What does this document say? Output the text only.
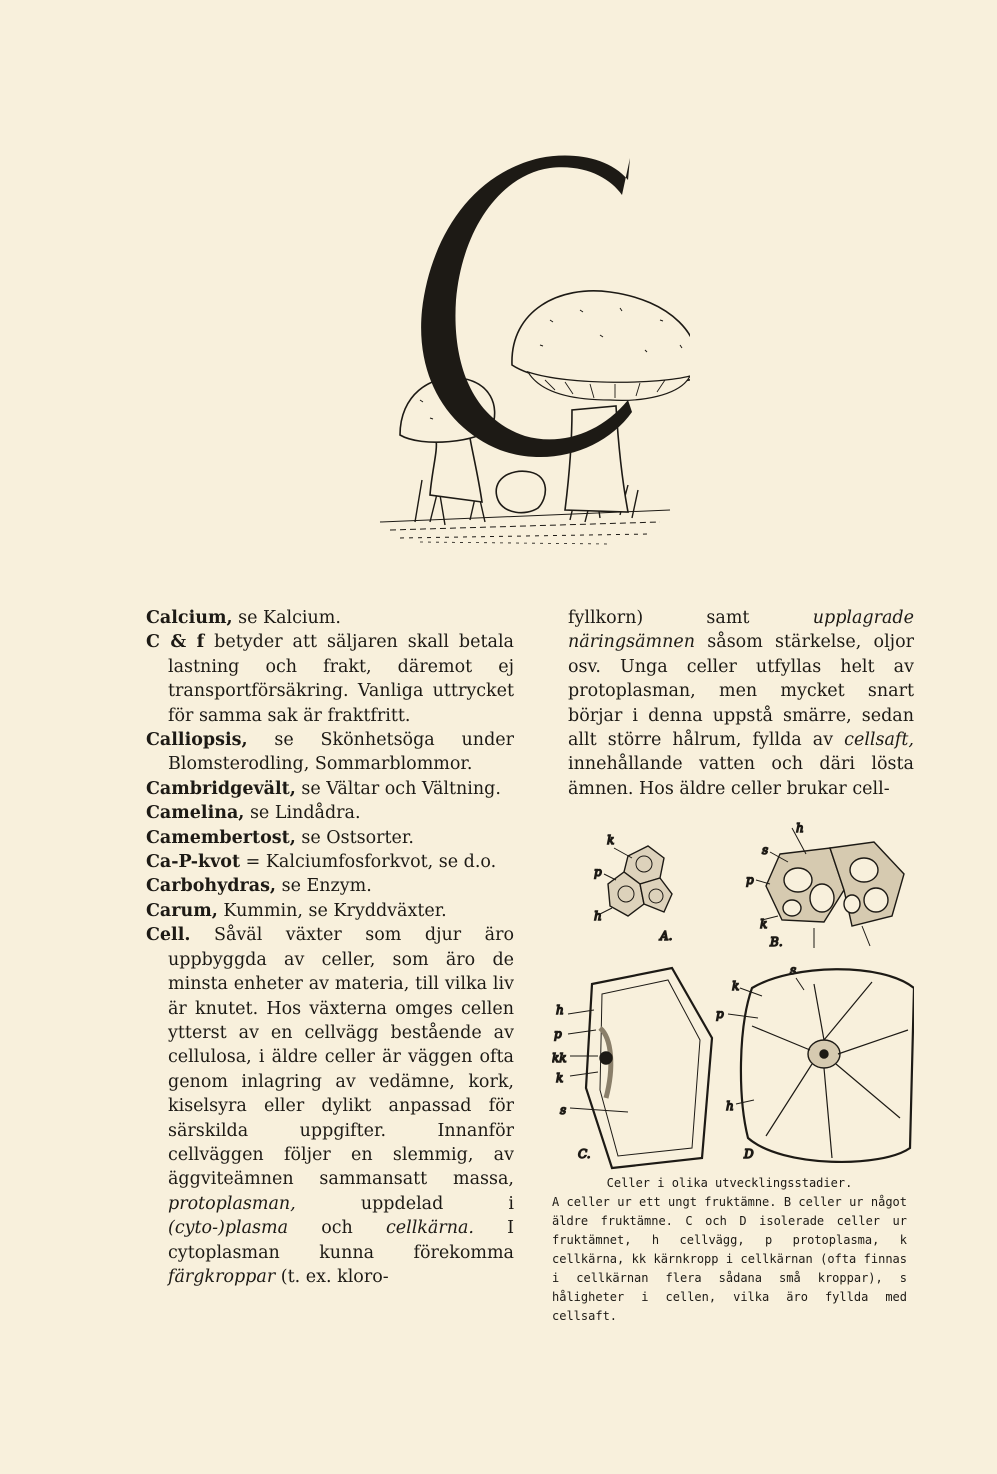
Calcium, se Kalcium.

C & f betyder att säljaren skall betala lastning och frakt, däremot ej transportförsäkring. Vanliga uttrycket för samma sak är fraktfritt.

Calliopsis, se Skönhetsöga under Blomsterodling, Sommarblommor.

Cambridgevält, se Vältar och Vältning.

Camelina, se Lindådra.

Camembertost, se Ostsorter.

Ca-P-kvot = Kalciumfosforkvot, se d.o.

Carbohydras, se Enzym.

Carum, Kummin, se Kryddväxter.

Cell. Såväl växter som djur äro uppbyggda av celler, som äro de minsta enheter av materia, till vilka liv är knutet. Hos växterna omges cellen ytterst av en cellvägg bestående av cellulosa, i äldre celler är väggen ofta genom inlagring av vedämne, kork, kiselsyra eller dylikt anpassad för särskilda uppgifter. Innanför cellväggen följer en slemmig, av äggviteämnen sammansatt massa, protoplasman, uppdelad i (cyto-)plasma och cellkärna. I cytoplasman kunna förekomma färgkroppar (t. ex. kloro-

fyllkorn) samt upplagrade näringsämnen såsom stärkelse, oljor osv. Unga celler utfyllas helt av protoplasman, men mycket snart börjar i denna uppstå smärre, sedan allt större hålrum, fyllda av cellsaft, innehållande vatten och däri lösta ämnen. Hos äldre celler brukar cell-

k
p
h
A.
h
s
p
k
B.
h
p
kk
k
s
C.
k
p
h
s
D

Celler i olika utvecklingsstadier.

A celler ur ett ungt fruktämne. B celler ur något äldre fruktämne. C och D isolerade celler ur fruktämnet, h cellvägg, p protoplasma, k cellkärna, kk kärnkropp i cellkärnan (ofta finnas i cellkärnan flera sådana små kroppar), s håligheter i cellen, vilka äro fyllda med cellsaft.
